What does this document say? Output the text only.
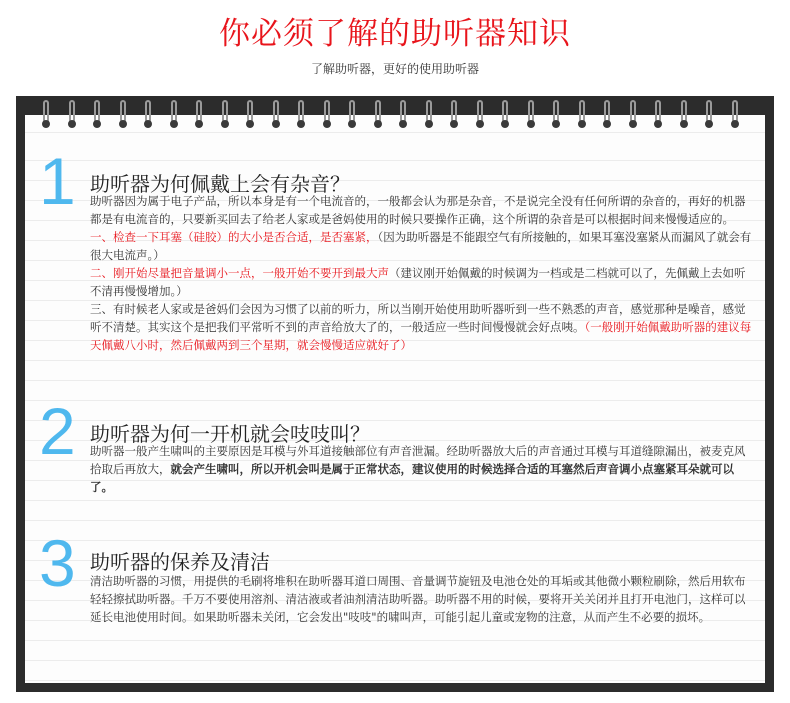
你必须了解的助听器知识
了解助听器，更好的使用助听器
1 助听器为何佩戴上会有杂音？

助听器因为属于电子产品，所以本身是有一个电流音的，一般都会认为那是杂音，不是说完全没有任何所谓的杂音的，再好的机器都是有电流音的，只要新买回去了给老人家或是爸妈使用的时候只要操作正确，这个所谓的杂音是可以根据时间来慢慢适应的。

一、检查一下耳塞（硅胶）的大小是否合适，是否塞紧，（因为助听器是不能跟空气有所接触的，如果耳塞没塞紧从而漏风了就会有很大电流声。）

二、刚开始尽量把音量调小一点，一般开始不要开到最大声（建议刚开始佩戴的时候调为一档或是二档就可以了，先佩戴上去如听不清再慢慢增加。）

三、有时候老人家或是爸妈们会因为习惯了以前的听力，所以当刚开始使用助听器听到一些不熟悉的声音，感觉那种是噪音，感觉听不清楚。其实这个是把我们平常听不到的声音给放大了的，一般适应一些时间慢慢就会好点咦。（一般刚开始佩戴助听器的建议每天佩戴八小时，然后佩戴两到三个星期，就会慢慢适应就好了）

2 助听器为何一开机就会吱吱叫？

助听器一般产生啸叫的主要原因是耳模与外耳道接触部位有声音泄漏。经助听器放大后的声音通过耳模与耳道缝隙漏出，被麦克风拾取后再放大，就会产生啸叫，所以开机会叫是属于正常状态，建议使用的时候选择合适的耳塞然后声音调小点塞紧耳朵就可以了。

3 助听器的保养及清洁

清洁助听器的习惯，用提供的毛刷将堆积在助听器耳道口周围、音量调节旋钮及电池仓处的耳垢或其他微小颗粒刷除，然后用软布轻轻擦拭助听器。千万不要使用溶剂、清洁液或者油剂清洁助听器。助听器不用的时候，要将开关关闭并且打开电池门，这样可以延长电池使用时间。如果助听器未关闭，它会发出"吱吱"的啸叫声，可能引起儿童或宠物的注意，从而产生不必要的损坏。
